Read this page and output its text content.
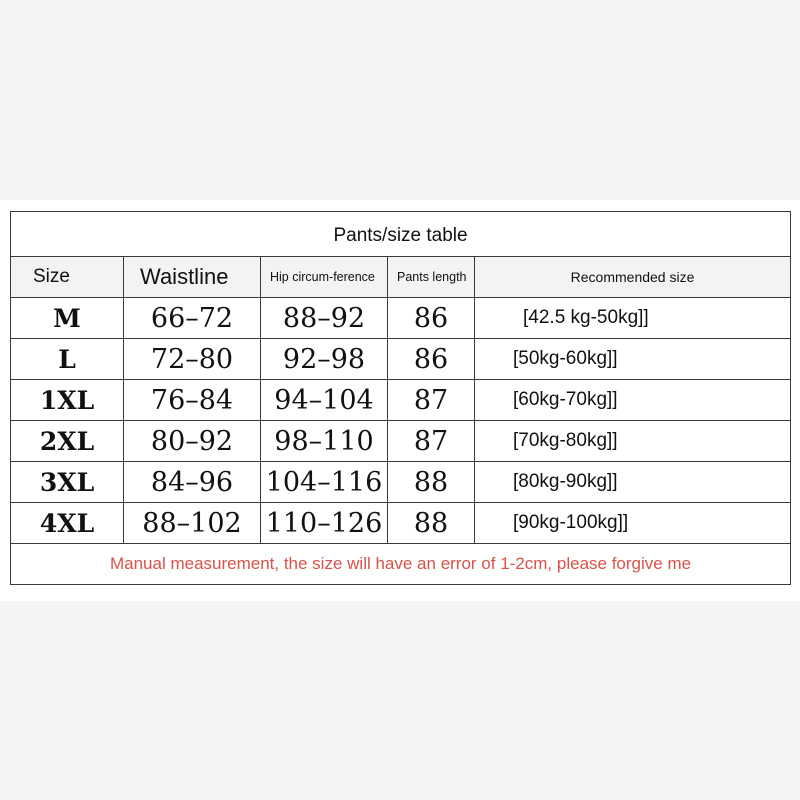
Pants/size table				
Size	Waistline	Hip circum-ference	Pants length	Recommended size
M	66–72	88–92	86	[42.5 kg-50kg]]
L	72–80	92–98	86	[50kg-60kg]]
1XL	76–84	94–104	87	[60kg-70kg]]
2XL	80–92	98–110	87	[70kg-80kg]]
3XL	84–96	104–116	88	[80kg-90kg]]
4XL	88–102	110–126	88	[90kg-100kg]]
Manual measurement, the size will have an error of 1-2cm, please forgive me				
